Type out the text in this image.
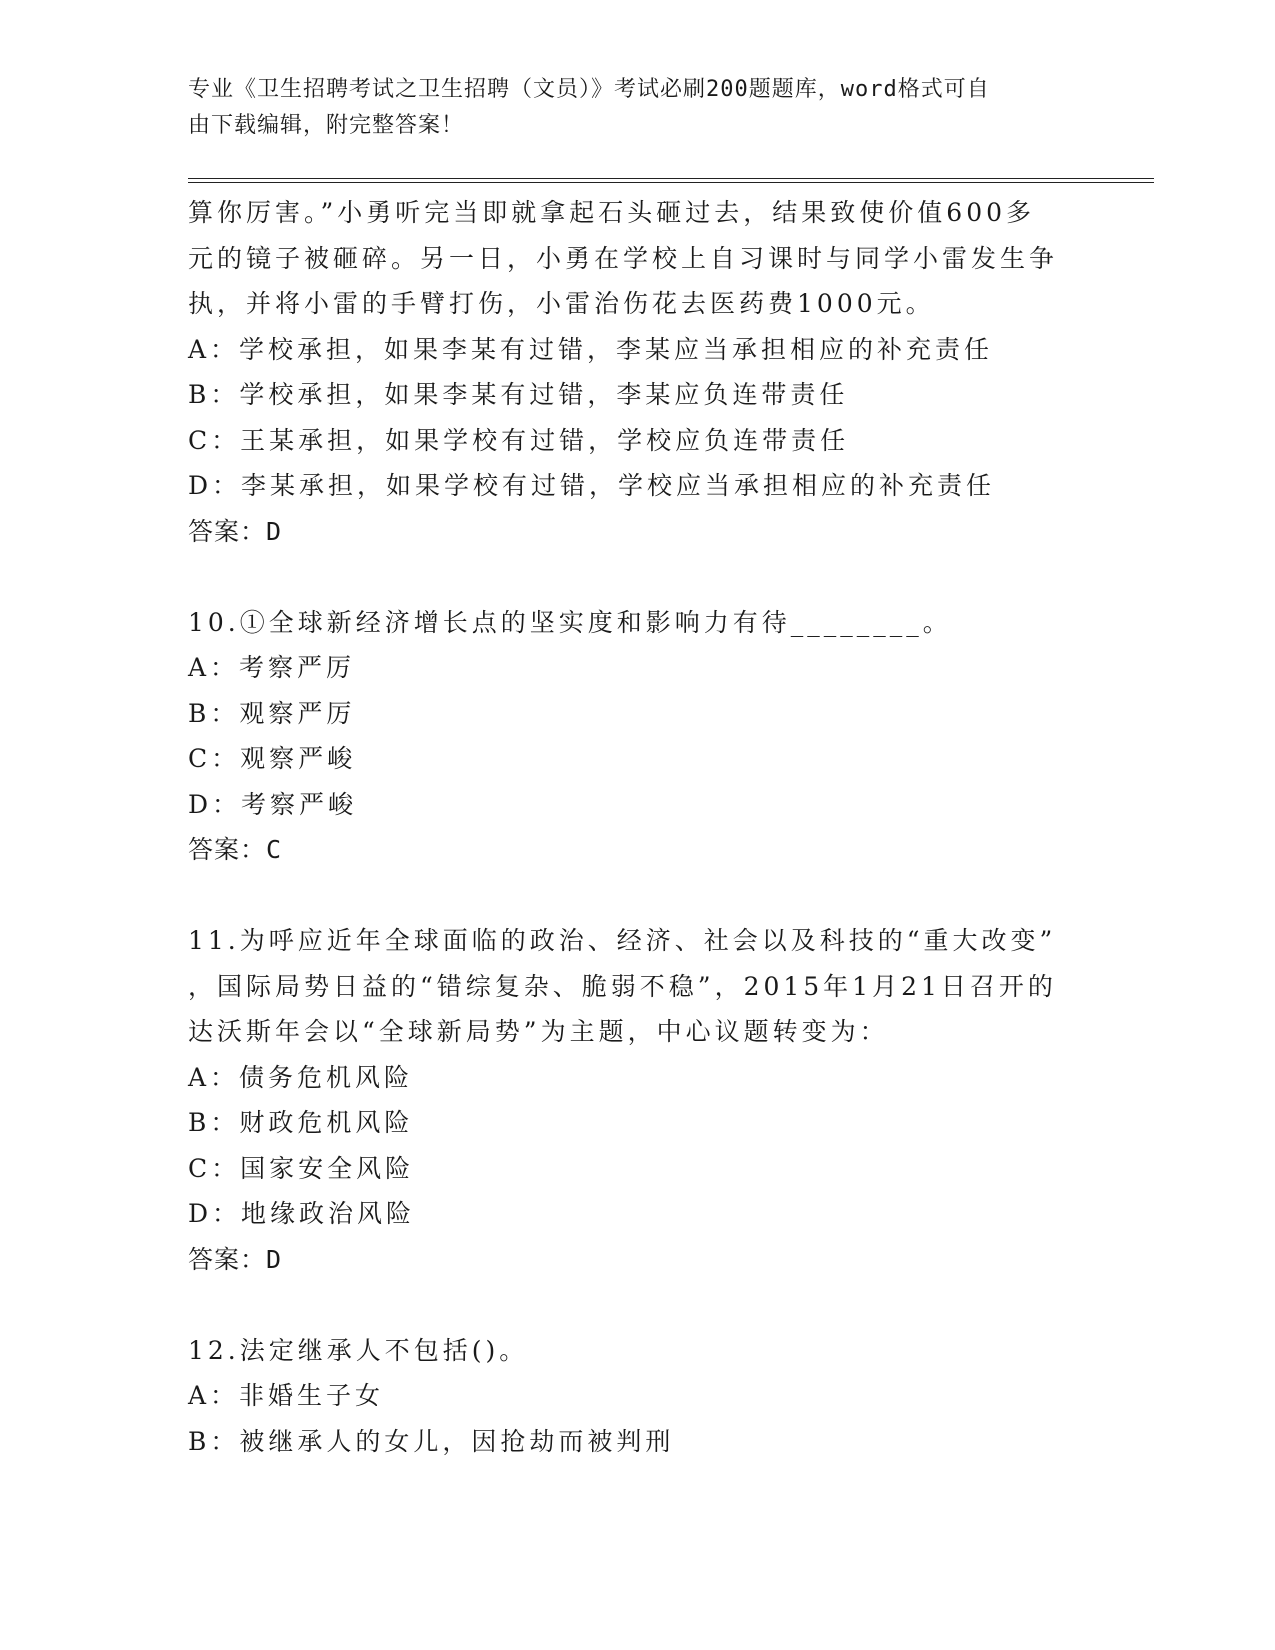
专业《卫生招聘考试之卫生招聘（文员）》考试必刷200题题库，word格式可自
由下载编辑，附完整答案！
算你厉害。”小勇听完当即就拿起石头砸过去，结果致使价值600多
元的镜子被砸碎。另一日，小勇在学校上自习课时与同学小雷发生争
执，并将小雷的手臂打伤，小雷治伤花去医药费1000元。
A：学校承担，如果李某有过错，李某应当承担相应的补充责任
B：学校承担，如果李某有过错，李某应负连带责任
C：王某承担，如果学校有过错，学校应负连带责任
D：李某承担，如果学校有过错，学校应当承担相应的补充责任
答案：D
10.①全球新经济增长点的坚实度和影响力有待________。
A：考察严厉
B：观察严厉
C：观察严峻
D：考察严峻
答案：C
11.为呼应近年全球面临的政治、经济、社会以及科技的“重大改变”
，国际局势日益的“错综复杂、脆弱不稳”，2015年1月21日召开的
达沃斯年会以“全球新局势”为主题，中心议题转变为：
A：债务危机风险
B：财政危机风险
C：国家安全风险
D：地缘政治风险
答案：D
12.法定继承人不包括()。
A：非婚生子女
B：被继承人的女儿，因抢劫而被判刑
